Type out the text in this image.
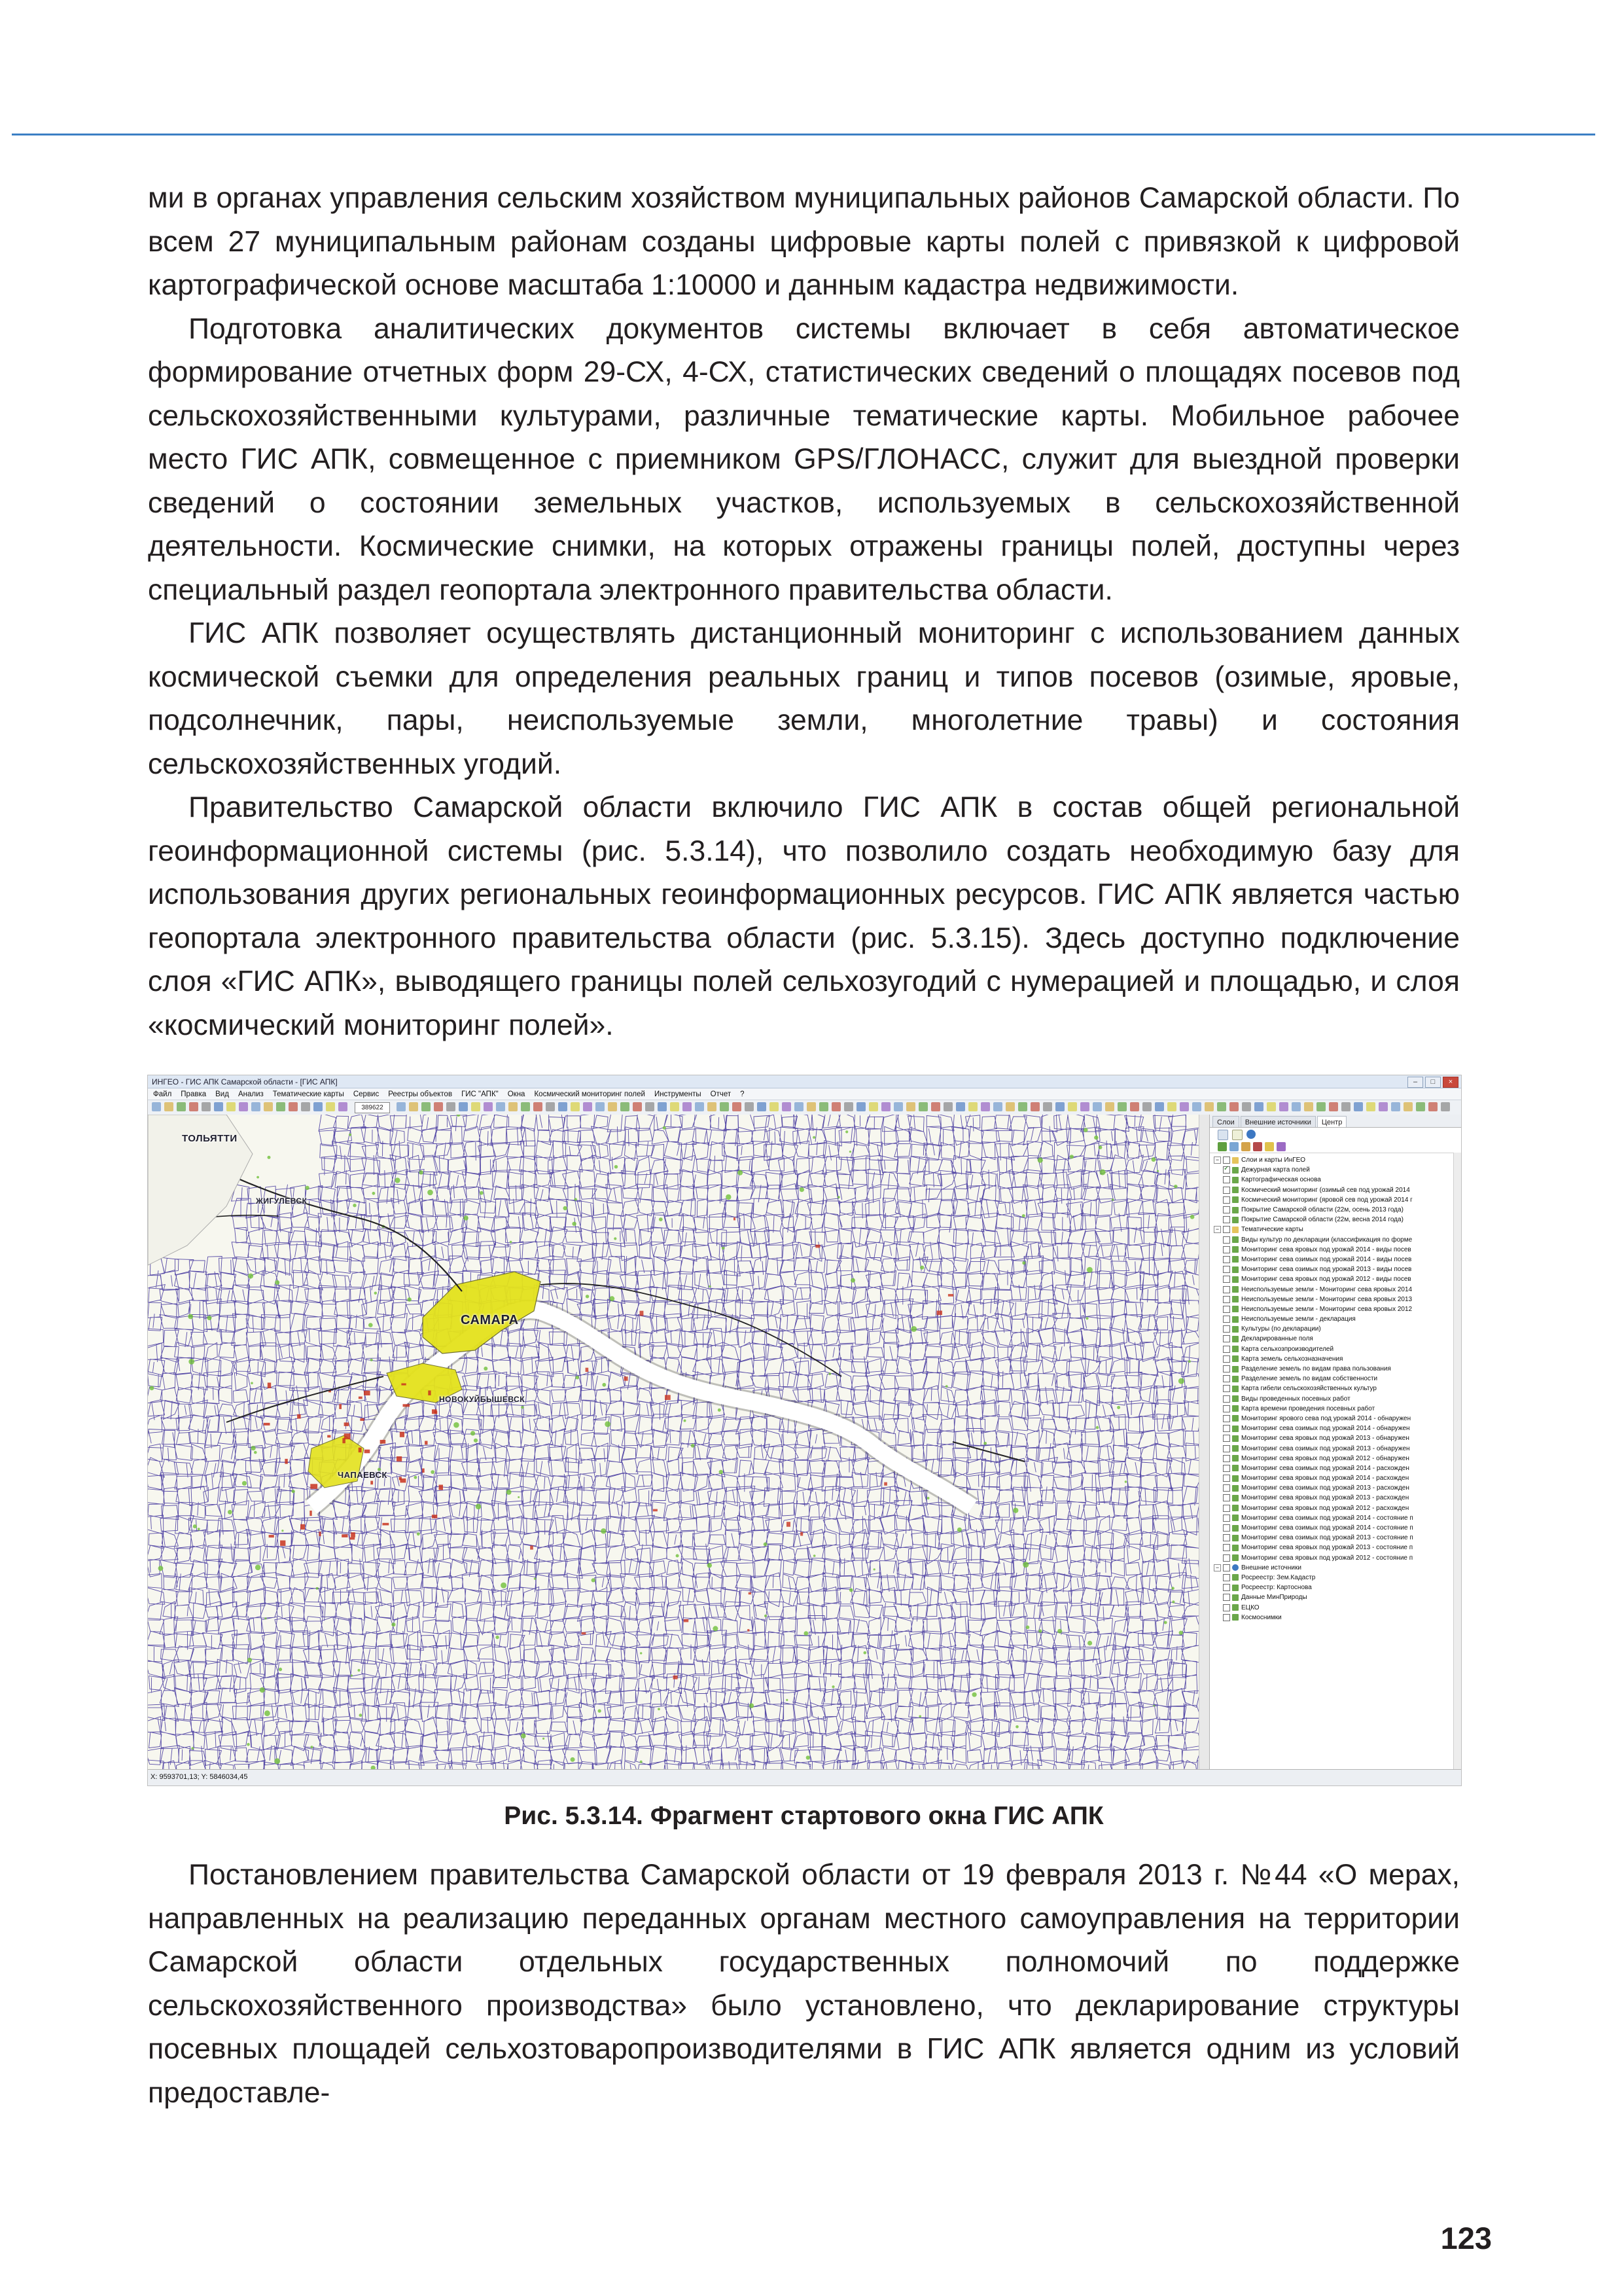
ми в органах управления сельским хозяйством муниципальных районов Самарской области. По всем 27 муниципальным районам созданы цифровые карты полей с привязкой к цифровой картографической основе масштаба 1:10000 и данным кадастра недвижимости.

Подготовка аналитических документов системы включает в себя автоматическое формирование отчетных форм 29-СХ, 4-СХ, статистических сведений о площадях посевов под сельскохозяйственными культурами, различные тематические карты. Мобильное рабочее место ГИС АПК, совмещенное с приемником GPS/ГЛОНАСС, служит для выездной проверки сведений о состоянии земельных участков, используемых в сельскохозяйственной деятельности. Космические снимки, на которых отражены границы полей, доступны через специальный раздел геопортала электронного правительства области.

ГИС АПК позволяет осуществлять дистанционный мониторинг с использованием данных космической съемки для определения реальных границ и типов посевов (озимые, яровые, подсолнечник, пары, неиспользуемые земли, многолетние травы) и состояния сельскохозяйственных угодий.

Правительство Самарской области включило ГИС АПК в состав общей региональной геоинформационной системы (рис. 5.3.14), что позволило создать необходимую базу для использования других региональных геоинформационных ресурсов. ГИС АПК является частью геопортала электронного правительства области (рис. 5.3.15). Здесь доступно подключение слоя «ГИС АПК», выводящего границы полей сельхозугодий с нумерацией и площадью, и слоя «космический мониторинг полей».

ИНГЕО - ГИС АПК Самарской области - [ГИС АПК]	–	□	×
Файл Правка Вид Анализ Тематические карты Сервис Реестры объектов ГИС "АПК" Окна Космический мониторинг полей Инструменты Отчет ?
389622
ТОЛЬЯТТИ
ЖИГУЛЕВСК
САМАРА
НОВОКУЙБЫШЕВСК
ЧАПАЕВСК
Слои	Внешние источники	Центр
−	Слои и карты ИнГЕО
✓
Дежурная карта полей
Картографическая основа
Космический мониторинг (озимый сев под урожай 2014
Космический мониторинг (яровой сев под урожай 2014 г
Покрытие Самарской области (22м, осень 2013 года)
Покрытие Самарской области (22м, весна 2014 года)
−	Тематические карты
Виды культур по декларации (классификация по форме
Мониторинг сева яровых под урожай 2014 - виды посев
Мониторинг сева озимых под урожай 2014 - виды посев
Мониторинг сева озимых под урожай 2013 - виды посев
Мониторинг сева яровых под урожай 2012 - виды посев
Неиспользуемые земли - Мониторинг сева яровых 2014
Неиспользуемые земли - Мониторинг сева яровых 2013
Неиспользуемые земли - Мониторинг сева яровых 2012
Неиспользуемые земли - декларация
Культуры (по декларации)
Декларированные поля
Карта сельхозпроизводителей
Карта земель сельхозназначения
Разделение земель по видам права пользования
Разделение земель по видам собственности
Карта гибели сельскохозяйственных культур
Виды проведенных посевных работ
Карта времени проведения посевных работ
Мониторинг ярового сева под урожай 2014 - обнаружен
Мониторинг сева озимых под урожай 2014 - обнаружен
Мониторинг сева яровых под урожай 2013 - обнаружен
Мониторинг сева озимых под урожай 2013 - обнаружен
Мониторинг сева яровых под урожай 2012 - обнаружен
Мониторинг сева озимых под урожай 2014 - расхожден
Мониторинг сева яровых под урожай 2014 - расхожден
Мониторинг сева озимых под урожай 2013 - расхожден
Мониторинг сева яровых под урожай 2013 - расхожден
Мониторинг сева яровых под урожай 2012 - расхожден
Мониторинг сева озимых под урожай 2014 - состояние п
Мониторинг сева озимых под урожай 2014 - состояние п
Мониторинг сева озимых под урожай 2013 - состояние п
Мониторинг сева яровых под урожай 2013 - состояние п
Мониторинг сева яровых под урожай 2012 - состояние п
−	Внешние источники
Росреестр: Зем.Кадастр
Росреестр: Картоснова
Данные МинПрироды
ЕЦКО
Космоснимки
X: 9593701,13; Y: 5846034,45
Рис. 5.3.14. Фрагмент стартового окна ГИС АПК

Постановлением правительства Самарской области от 19 февраля 2013 г. №44 «О мерах, направленных на реализацию переданных органам местного самоуправления на территории Самарской области отдельных государственных полномочий по поддержке сельскохозяйственного производства» было установлено, что декларирование структуры посевных площадей сельхозтоваропроизводителями в ГИС АПК является одним из условий предоставле-

123
